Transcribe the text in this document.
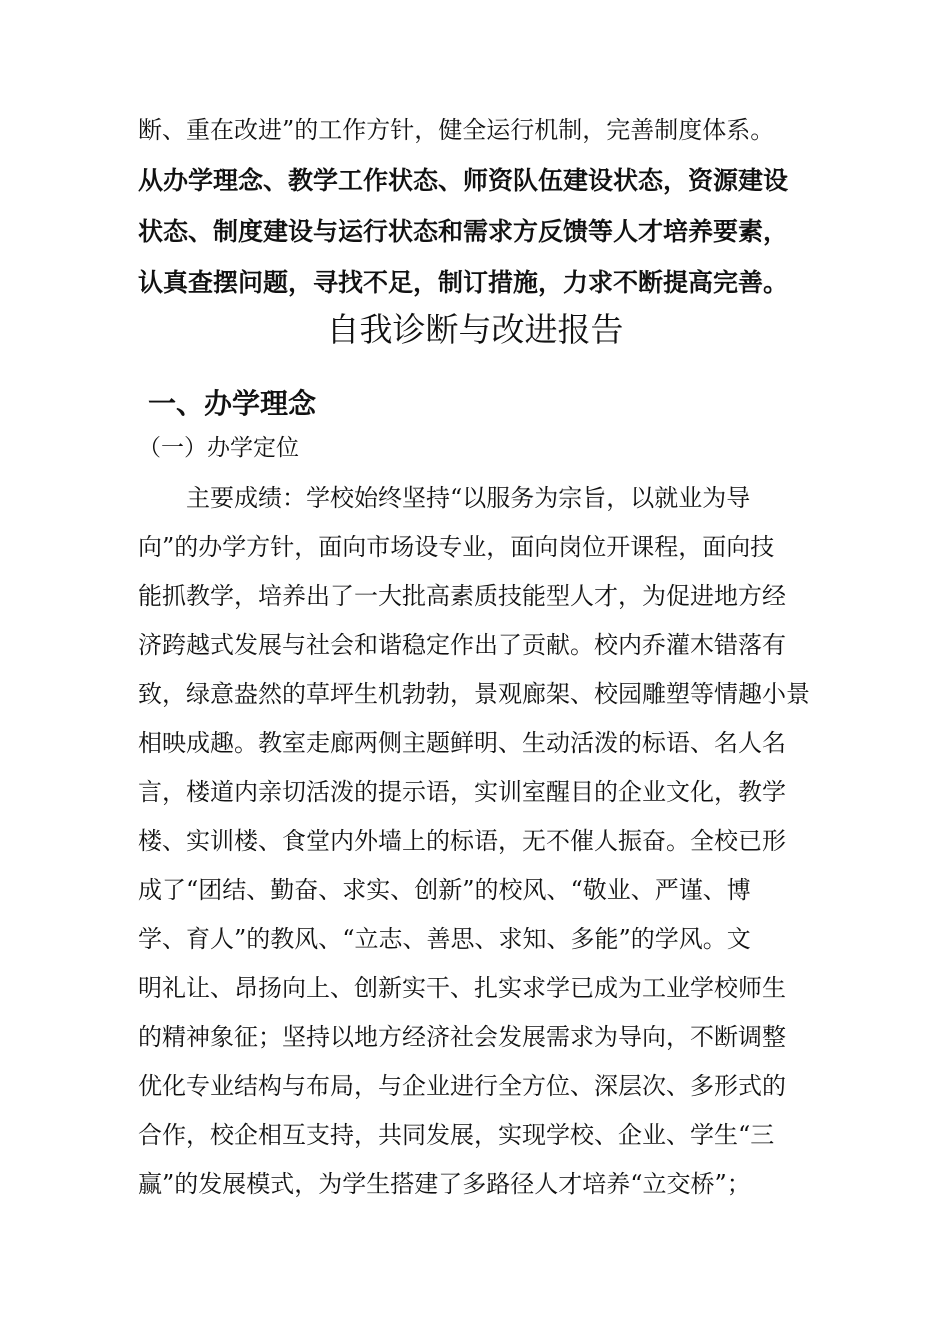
断、重在改进”的工作方针，健全运行机制，完善制度体系。
从办学理念、教学工作状态、师资队伍建设状态，资源建设
状态、制度建设与运行状态和需求方反馈等人才培养要素，
认真查摆问题，寻找不足，制订措施，力求不断提高完善。
自我诊断与改进报告
一、办学理念
（一）办学定位
　　主要成绩：学校始终坚持“以服务为宗旨，以就业为导
向”的办学方针，面向市场设专业，面向岗位开课程，面向技
能抓教学，培养出了一大批高素质技能型人才，为促进地方经
济跨越式发展与社会和谐稳定作出了贡献。校内乔灌木错落有
致，绿意盎然的草坪生机勃勃，景观廊架、校园雕塑等情趣小景
相映成趣。教室走廊两侧主题鲜明、生动活泼的标语、名人名
言，楼道内亲切活泼的提示语，实训室醒目的企业文化，教学
楼、实训楼、食堂内外墙上的标语，无不催人振奋。全校已形
成了“团结、勤奋、求实、创新”的校风、“敬业、严谨、博
学、育人”的教风、“立志、善思、求知、多能”的学风。文
明礼让、昂扬向上、创新实干、扎实求学已成为工业学校师生
的精神象征；坚持以地方经济社会发展需求为导向，不断调整
优化专业结构与布局，与企业进行全方位、深层次、多形式的
合作，校企相互支持，共同发展，实现学校、企业、学生“三
赢”的发展模式，为学生搭建了多路径人才培养“立交桥”；
